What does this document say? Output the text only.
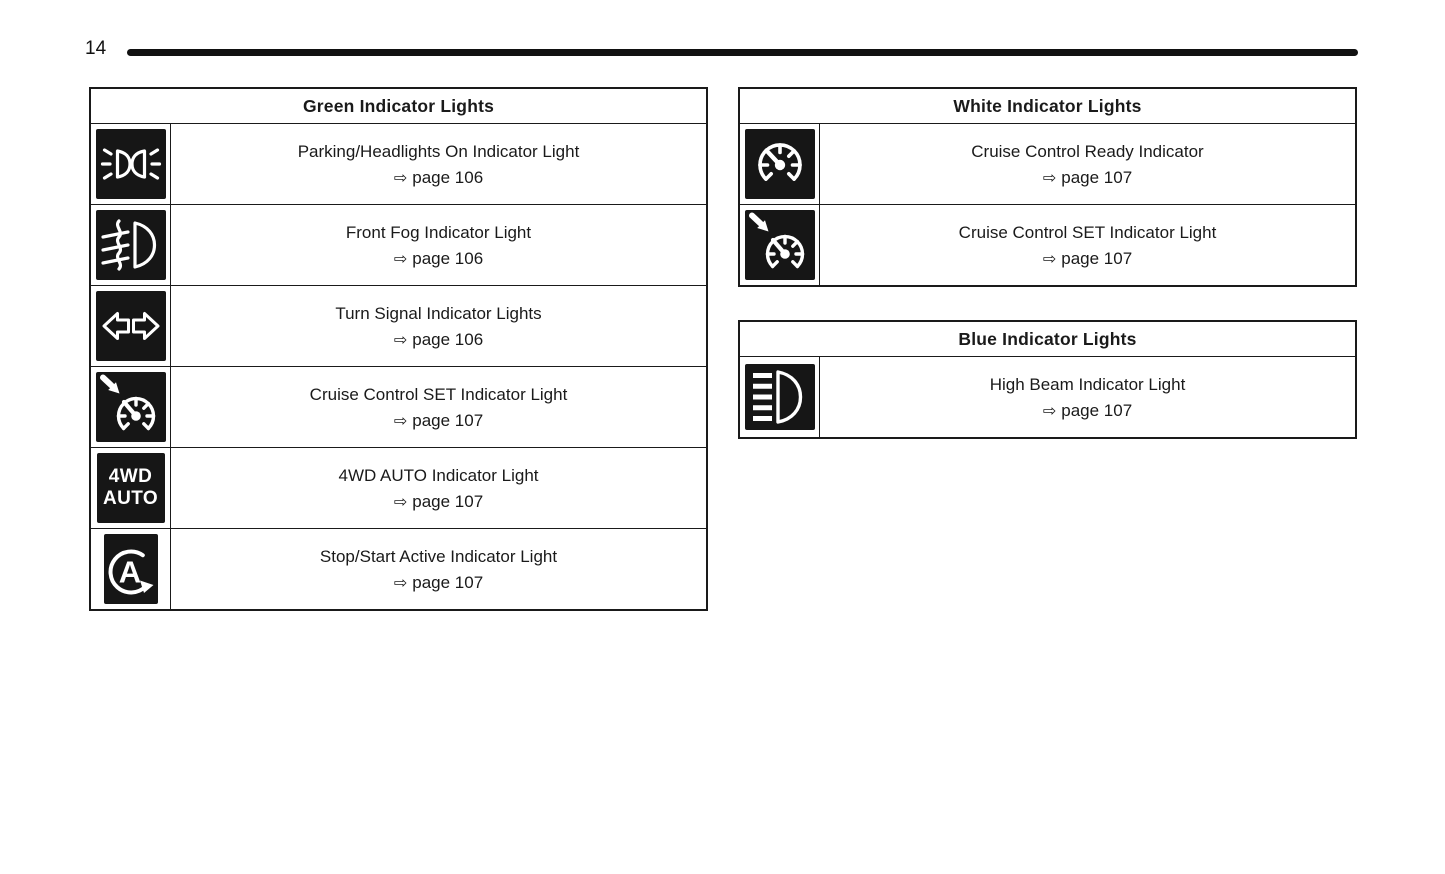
14
Green Indicator Lights
Parking/Headlights On Indicator Light
⇨ page 106
Front Fog Indicator Light
⇨ page 106
Turn Signal Indicator Lights
⇨ page 106
Cruise Control SET Indicator Light
⇨ page 107
4WD
AUTO
4WD AUTO Indicator Light
⇨ page 107
A	Stop/Start Active Indicator Light
⇨ page 107
White Indicator Lights
Cruise Control Ready Indicator
⇨ page 107
Cruise Control SET Indicator Light
⇨ page 107
Blue Indicator Lights
High Beam Indicator Light
⇨ page 107
